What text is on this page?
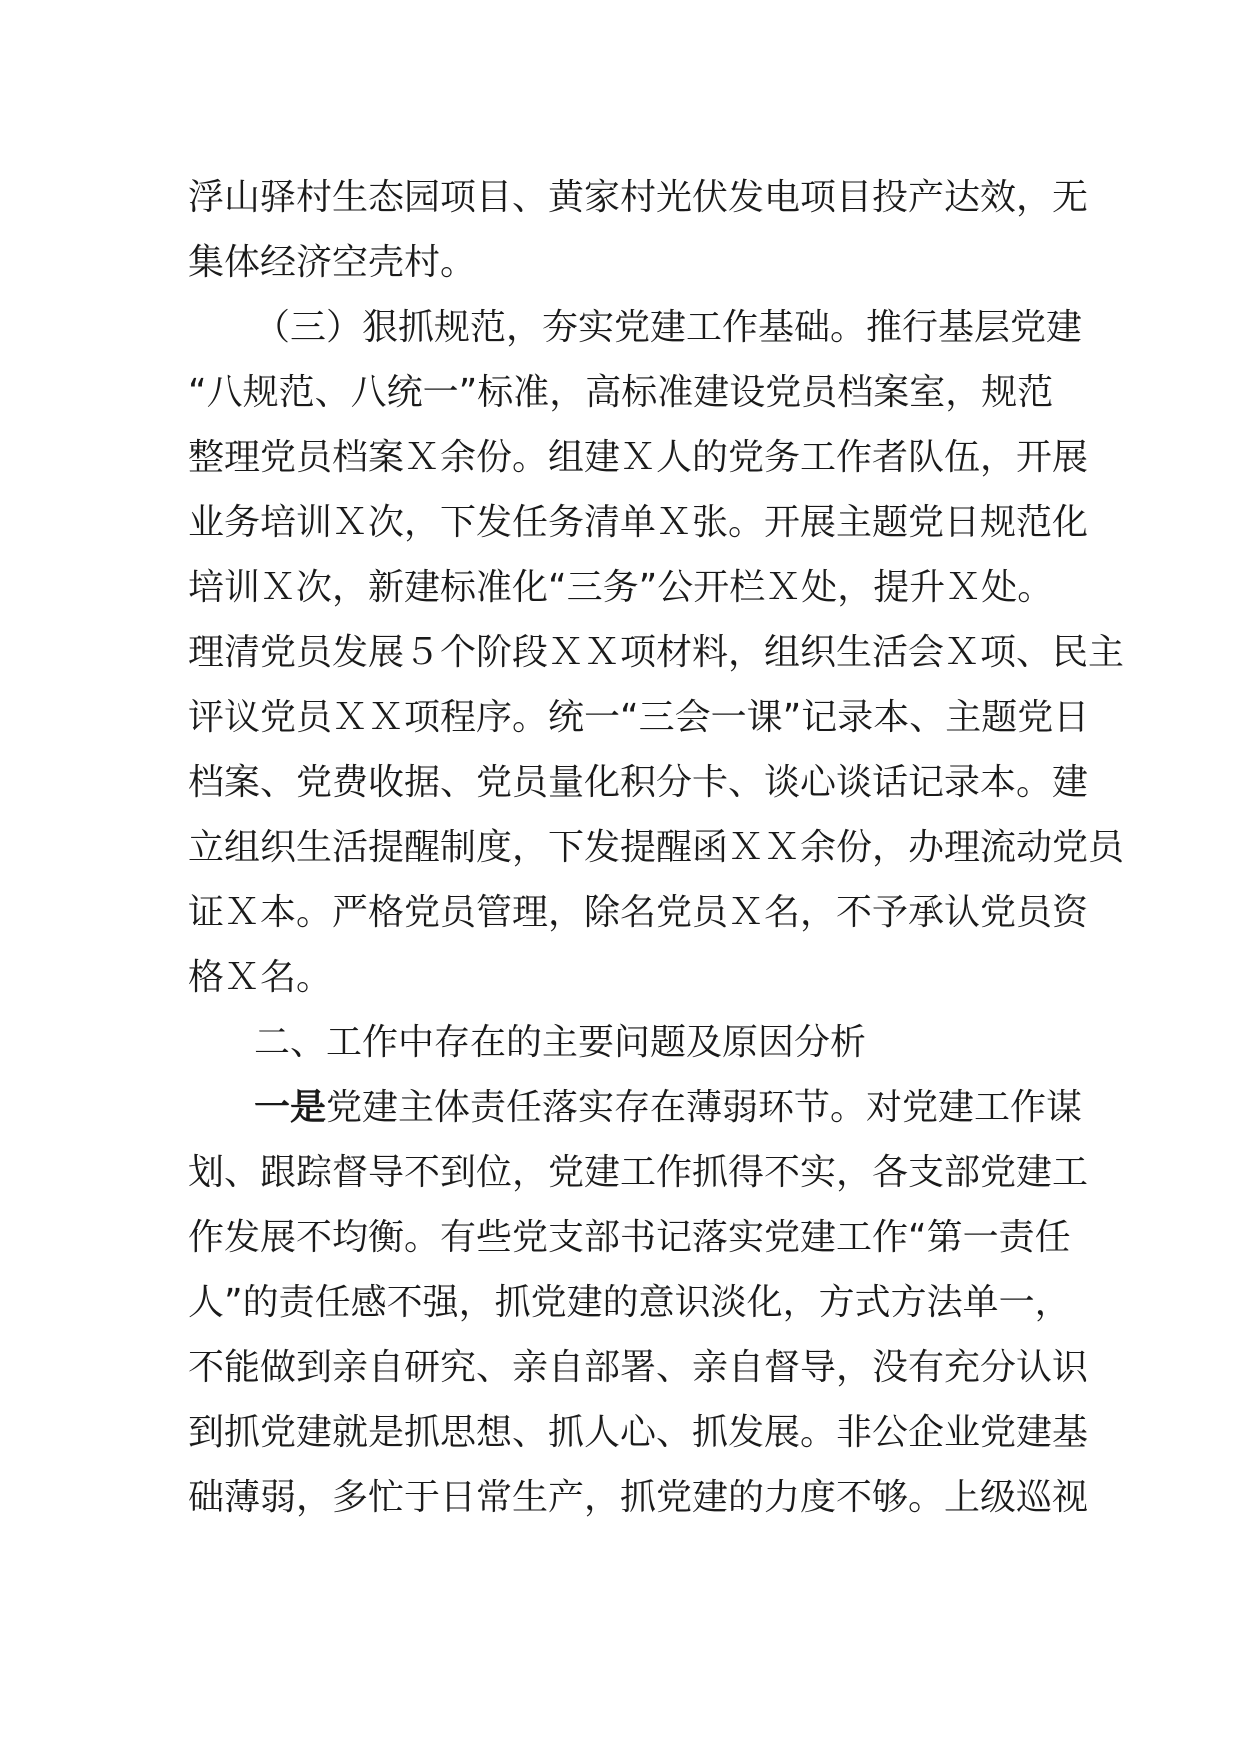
浮山驿村生态园项目、黄家村光伏发电项目投产达效，无

集体经济空壳村。

（三）狠抓规范，夯实党建工作基础。推行基层党建

“八规范、八统一”标准，高标准建设党员档案室，规范

整理党员档案Ｘ余份。组建Ｘ人的党务工作者队伍，开展

业务培训Ｘ次，下发任务清单Ｘ张。开展主题党日规范化

培训Ｘ次，新建标准化“三务”公开栏Ｘ处，提升Ｘ处。

理清党员发展５个阶段ＸＸ项材料，组织生活会Ｘ项、民主

评议党员ＸＸ项程序。统一“三会一课”记录本、主题党日

档案、党费收据、党员量化积分卡、谈心谈话记录本。建

立组织生活提醒制度，下发提醒函ＸＸ余份，办理流动党员

证Ｘ本。严格党员管理，除名党员Ｘ名，不予承认党员资

格Ｘ名。

二、工作中存在的主要问题及原因分析

一是党建主体责任落实存在薄弱环节。对党建工作谋

划、跟踪督导不到位，党建工作抓得不实，各支部党建工

作发展不均衡。有些党支部书记落实党建工作“第一责任

人”的责任感不强，抓党建的意识淡化，方式方法单一，

不能做到亲自研究、亲自部署、亲自督导，没有充分认识

到抓党建就是抓思想、抓人心、抓发展。非公企业党建基

础薄弱，多忙于日常生产，抓党建的力度不够。上级巡视
